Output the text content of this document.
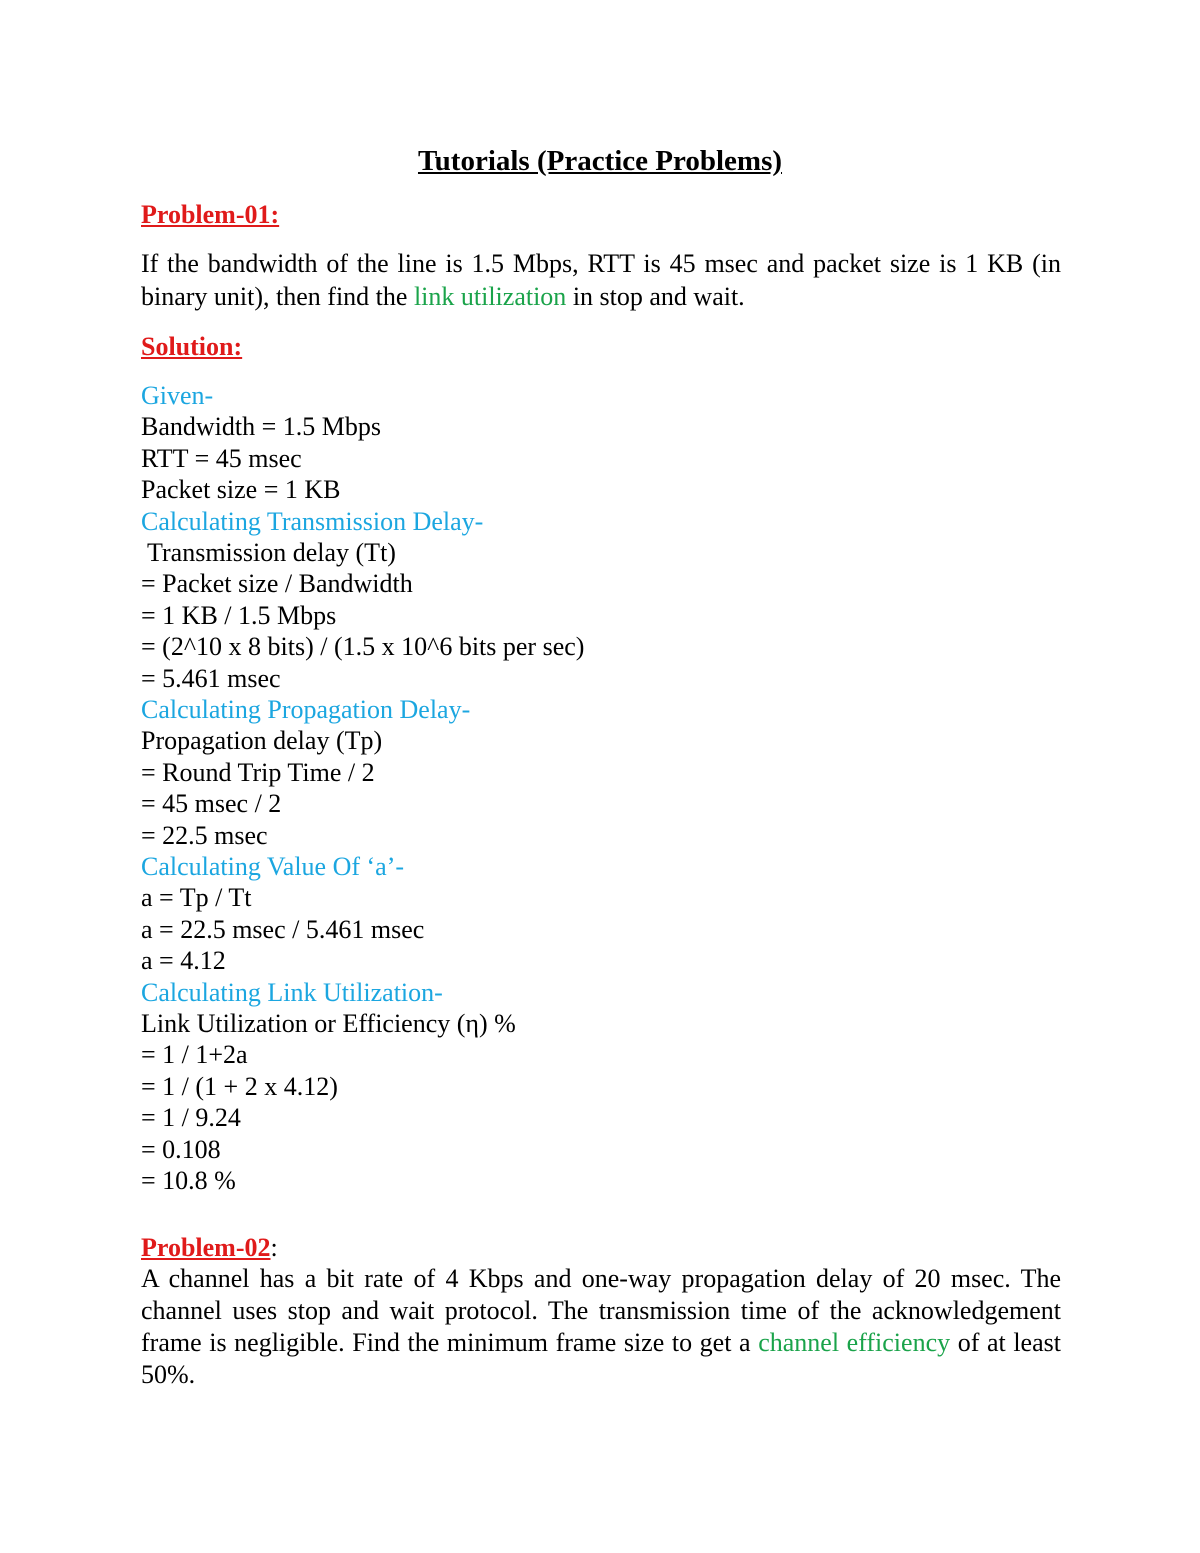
Tutorials (Practice Problems)
Problem-01:
If the bandwidth of the line is 1.5 Mbps, RTT is 45 msec and packet size is 1 KB (in binary unit), then find the link utilization in stop and wait.
Solution:
Given-
Bandwidth = 1.5 Mbps
RTT = 45 msec
Packet size = 1 KB
Calculating Transmission Delay-
Transmission delay (Tt)
= Packet size / Bandwidth
= 1 KB / 1.5 Mbps
= (2^10 x 8 bits) / (1.5 x 10^6 bits per sec)
= 5.461 msec
Calculating Propagation Delay-
Propagation delay (Tp)
= Round Trip Time / 2
= 45 msec / 2
= 22.5 msec
Calculating Value Of ‘a’-
a = Tp / Tt
a = 22.5 msec / 5.461 msec
a = 4.12
Calculating Link Utilization-
Link Utilization or Efficiency (η) %
= 1 / 1+2a
= 1 / (1 + 2 x 4.12)
= 1 / 9.24
= 0.108
= 10.8 %
Problem-02:
A channel has a bit rate of 4 Kbps and one-way propagation delay of 20 msec. The channel uses stop and wait protocol. The transmission time of the acknowledgement frame is negligible. Find the minimum frame size to get a channel efficiency of at least 50%.
